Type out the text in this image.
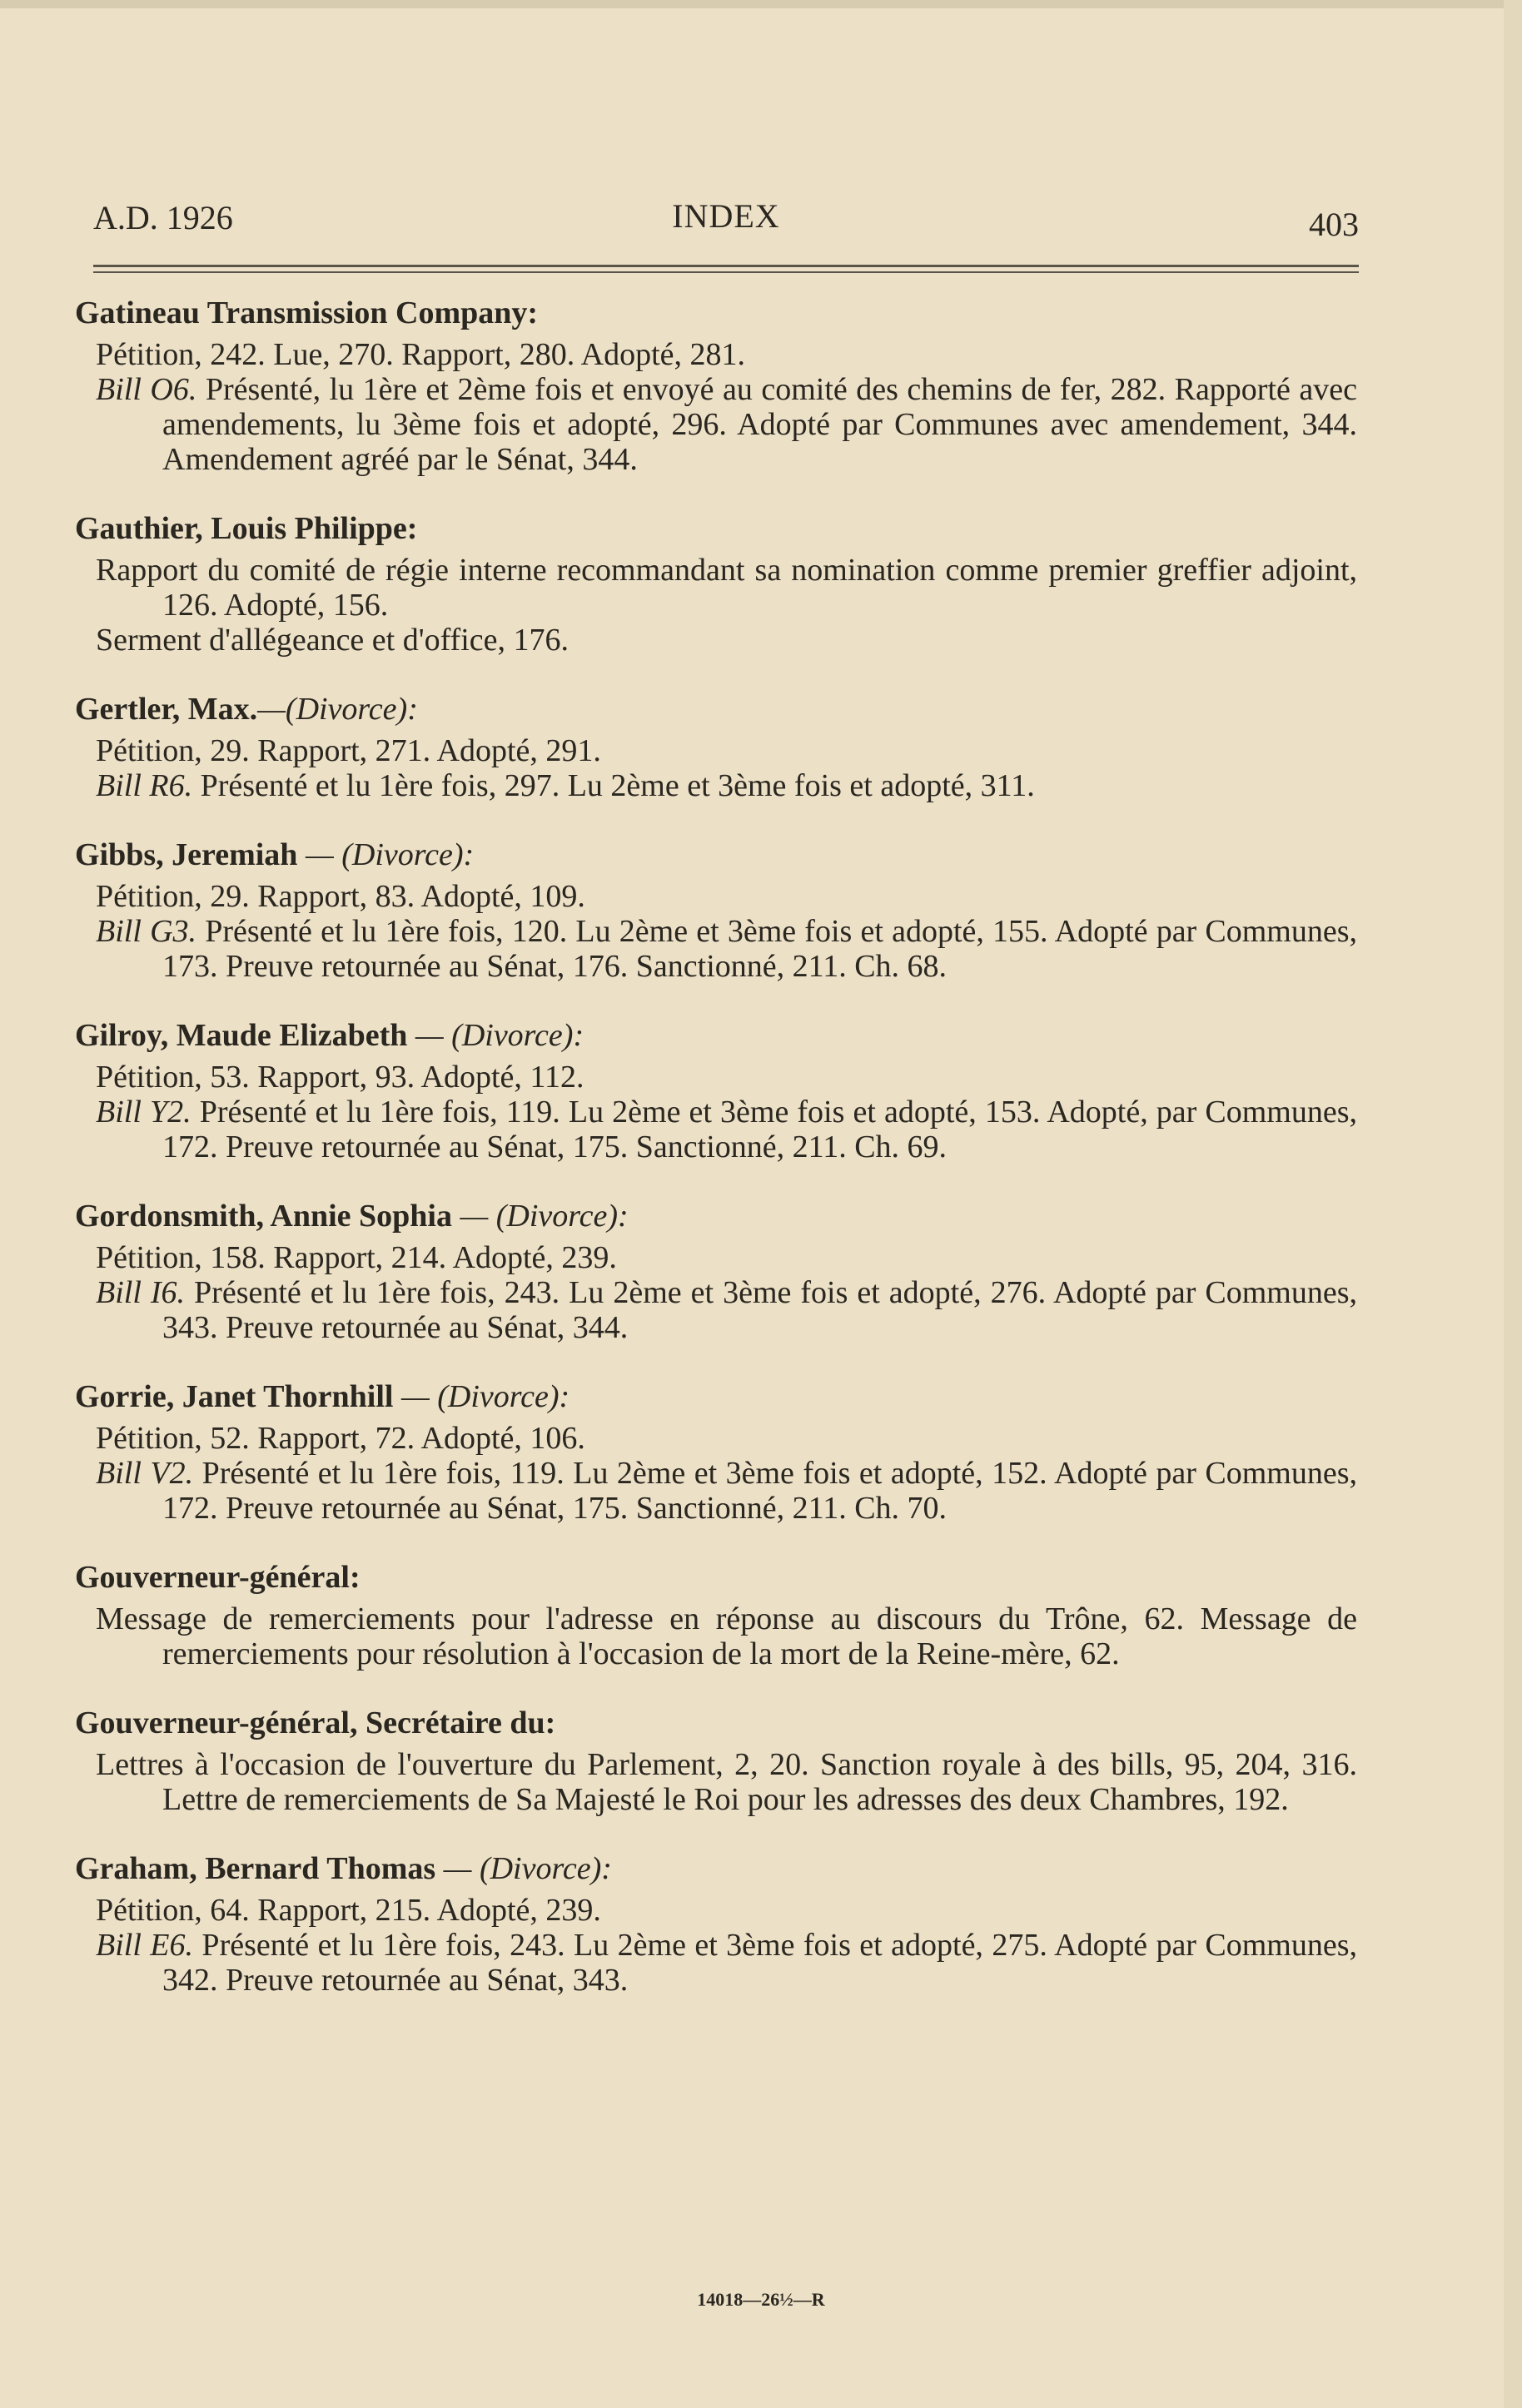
A.D. 1926	INDEX	403
Gatineau Transmission Company:
Pétition, 242. Lue, 270. Rapport, 280. Adopté, 281.
Bill O6. Présenté, lu 1ère et 2ème fois et envoyé au comité des chemins de fer, 282. Rapporté avec amendements, lu 3ème fois et adopté, 296. Adopté par Communes avec amendement, 344. Amendement agréé par le Sénat, 344.
Gauthier, Louis Philippe:
Rapport du comité de régie interne recommandant sa nomination comme premier greffier adjoint, 126. Adopté, 156.
Serment d'allégeance et d'office, 176.
Gertler, Max.—(Divorce):
Pétition, 29. Rapport, 271. Adopté, 291.
Bill R6. Présenté et lu 1ère fois, 297. Lu 2ème et 3ème fois et adopté, 311.
Gibbs, Jeremiah — (Divorce):
Pétition, 29. Rapport, 83. Adopté, 109.
Bill G3. Présenté et lu 1ère fois, 120. Lu 2ème et 3ème fois et adopté, 155. Adopté par Communes, 173. Preuve retournée au Sénat, 176. Sanctionné, 211. Ch. 68.
Gilroy, Maude Elizabeth — (Divorce):
Pétition, 53. Rapport, 93. Adopté, 112.
Bill Y2. Présenté et lu 1ère fois, 119. Lu 2ème et 3ème fois et adopté, 153. Adopté, par Communes, 172. Preuve retournée au Sénat, 175. Sanctionné, 211. Ch. 69.
Gordonsmith, Annie Sophia — (Divorce):
Pétition, 158. Rapport, 214. Adopté, 239.
Bill I6. Présenté et lu 1ère fois, 243. Lu 2ème et 3ème fois et adopté, 276. Adopté par Communes, 343. Preuve retournée au Sénat, 344.
Gorrie, Janet Thornhill — (Divorce):
Pétition, 52. Rapport, 72. Adopté, 106.
Bill V2. Présenté et lu 1ère fois, 119. Lu 2ème et 3ème fois et adopté, 152. Adopté par Communes, 172. Preuve retournée au Sénat, 175. Sanctionné, 211. Ch. 70.
Gouverneur-général:
Message de remerciements pour l'adresse en réponse au discours du Trône, 62. Message de remerciements pour résolution à l'occasion de la mort de la Reine-mère, 62.
Gouverneur-général, Secrétaire du:
Lettres à l'occasion de l'ouverture du Parlement, 2, 20. Sanction royale à des bills, 95, 204, 316. Lettre de remerciements de Sa Majesté le Roi pour les adresses des deux Chambres, 192.
Graham, Bernard Thomas — (Divorce):
Pétition, 64. Rapport, 215. Adopté, 239.
Bill E6. Présenté et lu 1ère fois, 243. Lu 2ème et 3ème fois et adopté, 275. Adopté par Communes, 342. Preuve retournée au Sénat, 343.
14018—26½—R
